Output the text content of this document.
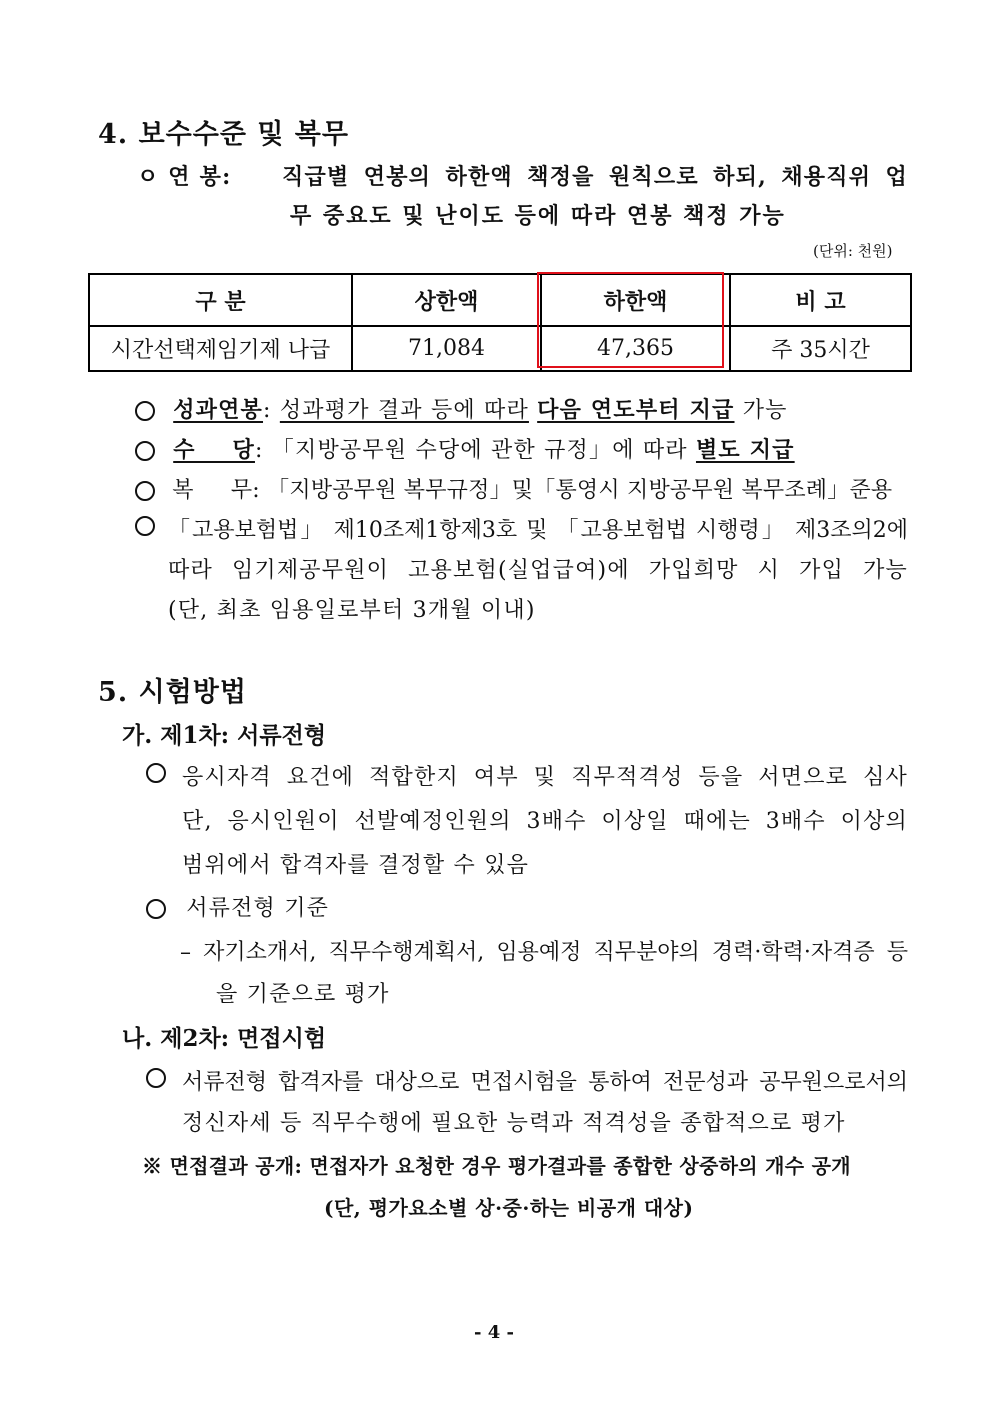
4. 보수수준 및 복무
ㅇ 연 봉: 직급별 연봉의 하한액 책정을 원칙으로 하되, 채용직위 업
무 중요도 및 난이도 등에 따라 연봉 책정 가능
(단위: 천원)
구 분	상한액	하한액	비 고
시간선택제임기제 나급	71,084	47,365	주 35시간
성과연봉: 성과평가 결과 등에 따라 다음 연도부터 지급 가능
수 당: 「지방공무원 수당에 관한 규정」에 따라 별도 지급
복 무: 「지방공무원 복무규정」및「통영시 지방공무원 복무조례」준용
「고용보험법」 제10조제1항제3호 및 「고용보험법 시행령」 제3조의2에
따라 임기제공무원이 고용보험(실업급여)에 가입희망 시 가입 가능
(단, 최초 임용일로부터 3개월 이내)
5. 시험방법
가. 제1차: 서류전형
응시자격 요건에 적합한지 여부 및 직무적격성 등을 서면으로 심사
단, 응시인원이 선발예정인원의 3배수 이상일 때에는 3배수 이상의
범위에서 합격자를 결정할 수 있음
서류전형 기준
– 자기소개서, 직무수행계획서, 임용예정 직무분야의 경력·학력·자격증 등
을 기준으로 평가
나. 제2차: 면접시험
서류전형 합격자를 대상으로 면접시험을 통하여 전문성과 공무원으로서의
정신자세 등 직무수행에 필요한 능력과 적격성을 종합적으로 평가
※ 면접결과 공개: 면접자가 요청한 경우 평가결과를 종합한 상중하의 개수 공개
(단, 평가요소별 상·중·하는 비공개 대상)
- 4 -
